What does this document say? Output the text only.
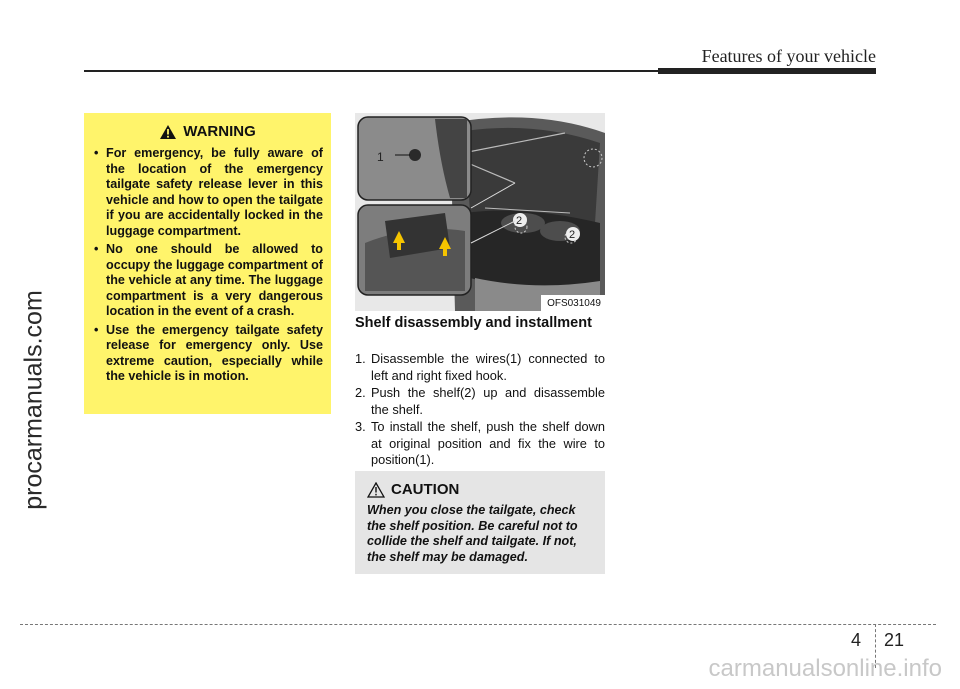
Features of your vehicle
procarmanuals.com
WARNING
• For emergency, be fully aware of the location of the emergency tailgate safety release lever in this vehicle and how to open the tailgate if you are accidentally locked in the luggage compartment.
• No one should be allowed to occupy the luggage compartment of the vehicle at any time. The luggage compartment is a very dangerous location in the event of a crash.
• Use the emergency tailgate safety release for emergency only. Use extreme caution, especially while the vehicle is in motion.
1
2
2
OFS031049
Shelf disassembly and installment
1. Disassemble the wires(1) connected to left and right fixed hook.
2. Push the shelf(2) up and disassemble the shelf.
3. To install the shelf, push the shelf down at original position and fix the wire to position(1).
CAUTION
When you close the tailgate, check the shelf position. Be careful not to collide the shelf and tailgate. If not, the shelf may be damaged.
4 21
carmanualsonline.info
